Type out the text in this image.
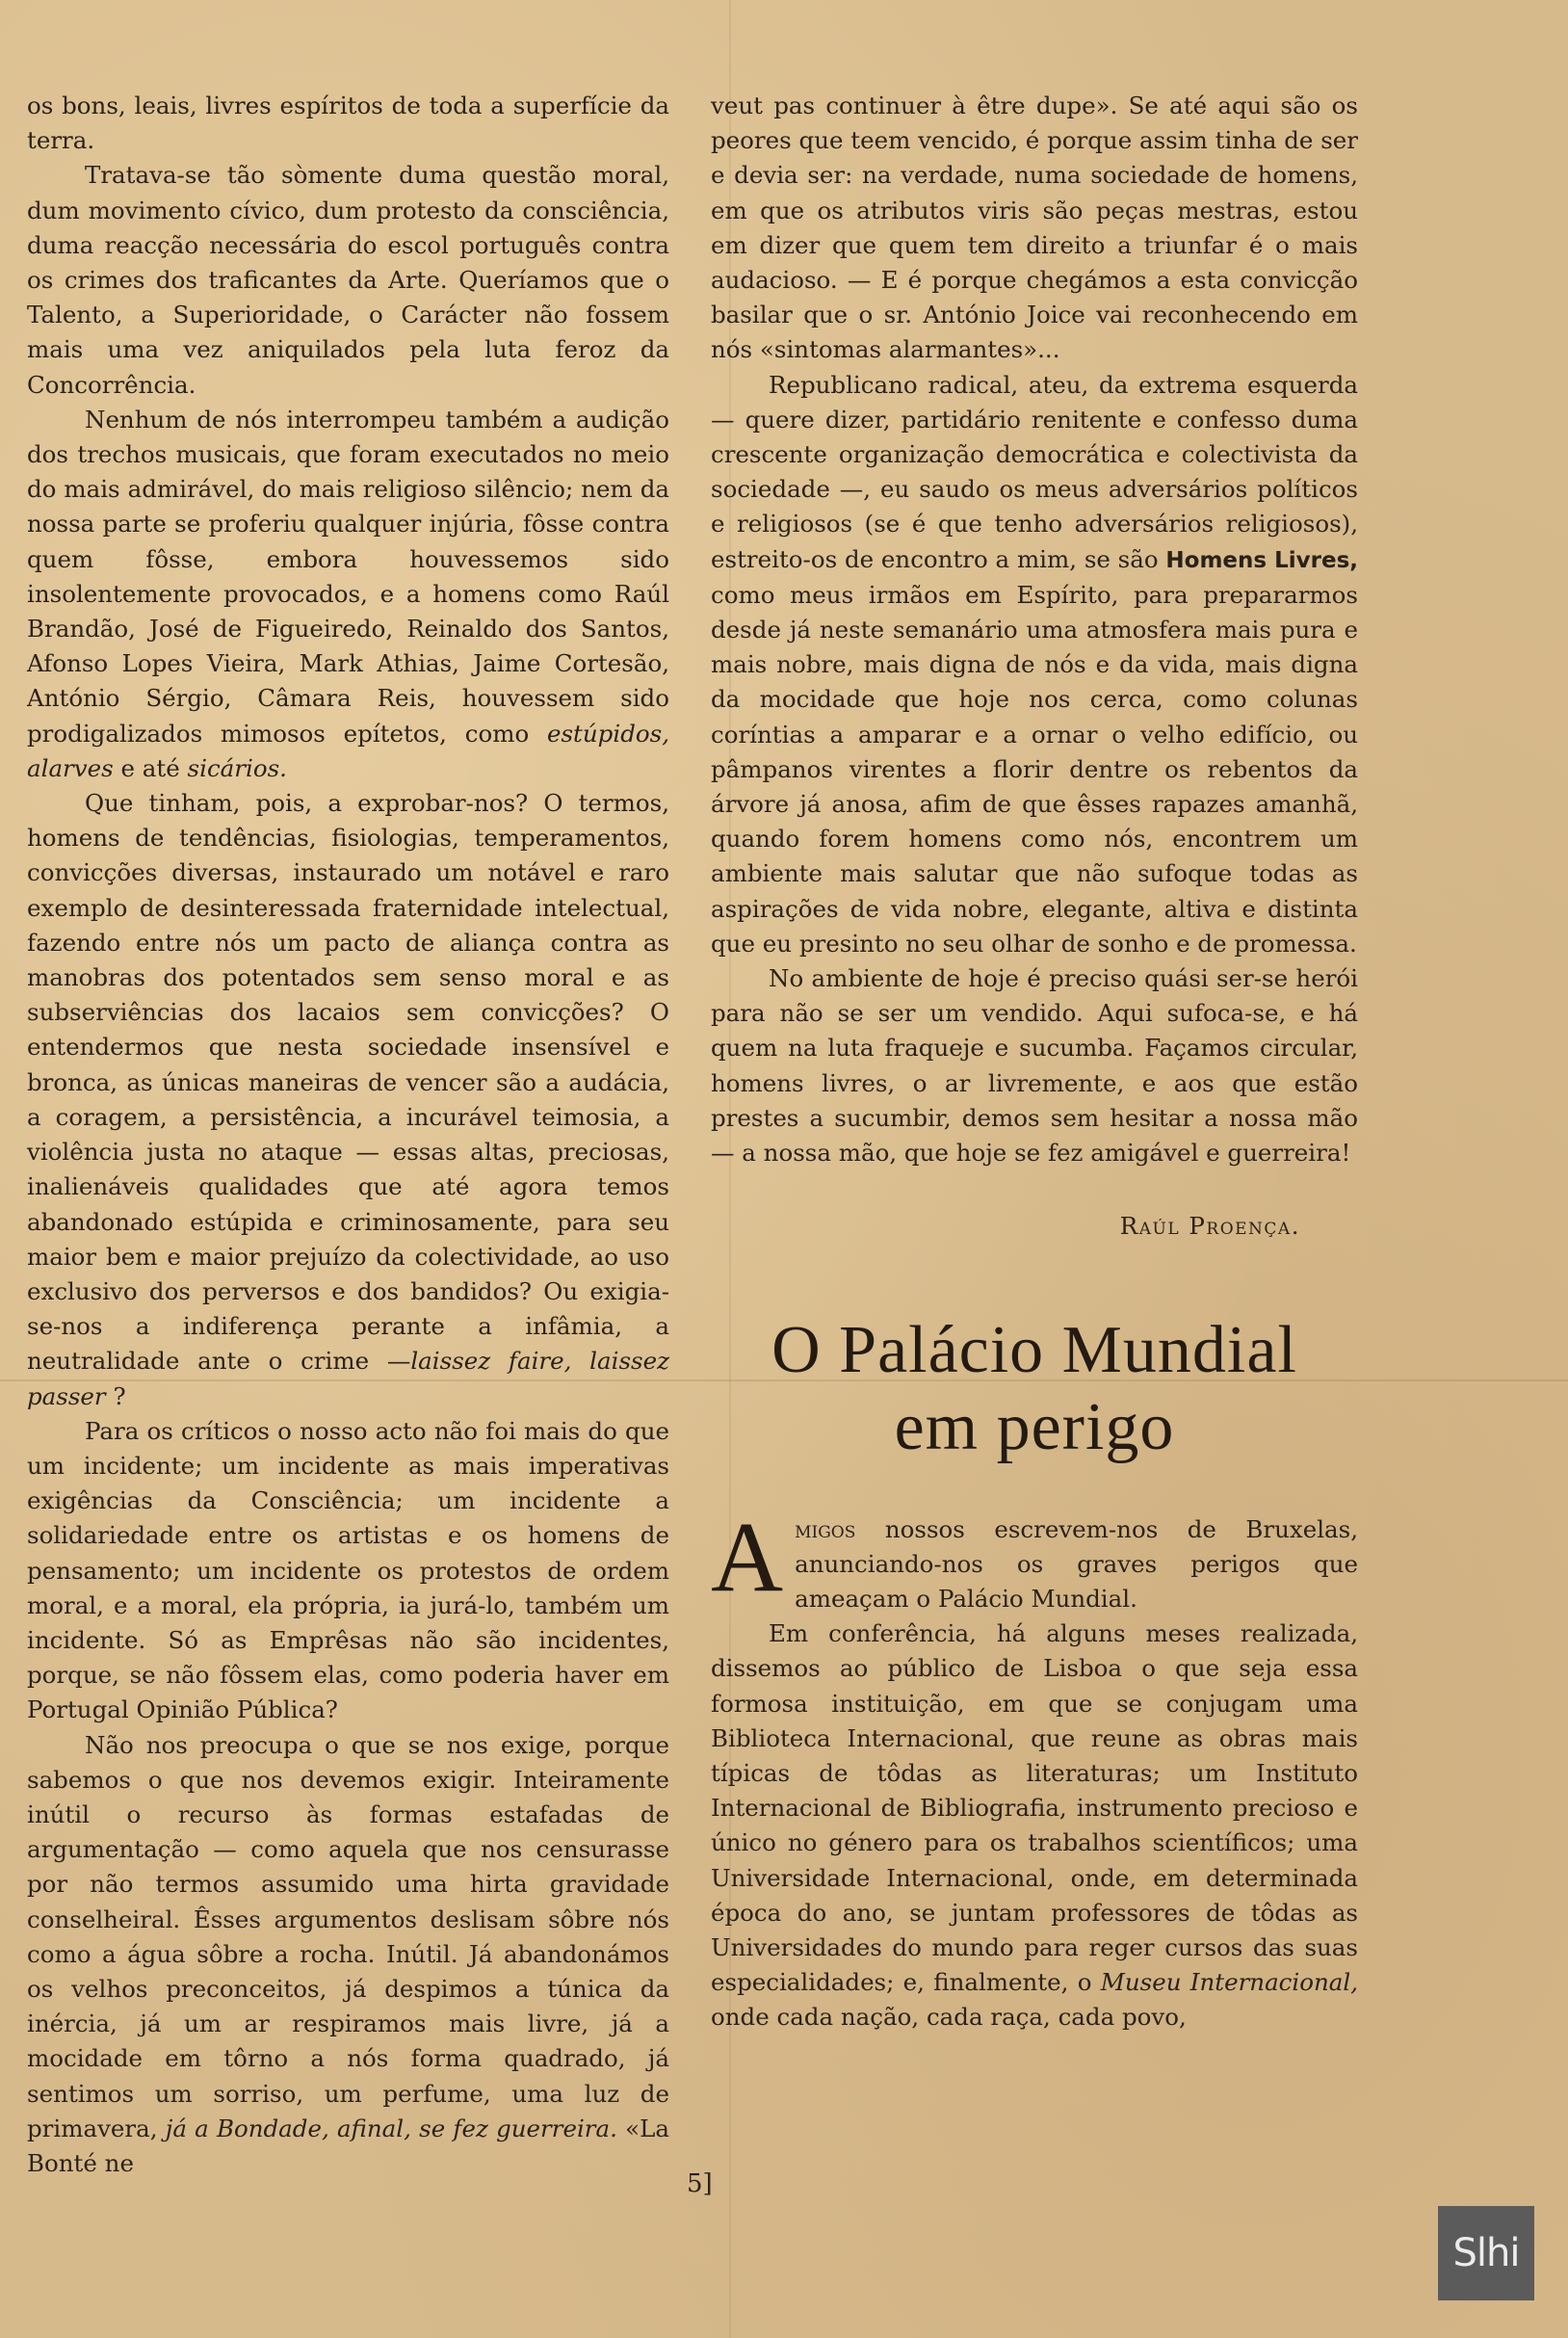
os bons, leais, livres espíritos de toda a superfície da terra.

Tratava-se tão sòmente duma questão moral, dum movimento cívico, dum protesto da consciência, duma reacção necessária do escol português contra os crimes dos traficantes da Arte. Queríamos que o Talento, a Superioridade, o Carácter não fossem mais uma vez aniquilados pela luta feroz da Concorrência.

Nenhum de nós interrompeu também a audição dos trechos musicais, que foram executados no meio do mais admirável, do mais religioso silêncio; nem da nossa parte se proferiu qualquer injúria, fôsse contra quem fôsse, embora houvessemos sido insolentemente provocados, e a homens como Raúl Brandão, José de Figueiredo, Reinaldo dos Santos, Afonso Lopes Vieira, Mark Athias, Jaime Cortesão, António Sérgio, Câmara Reis, houvessem sido prodigalizados mimosos epítetos, como estúpidos, alarves e até sicários.

Que tinham, pois, a exprobar-nos? O termos, homens de tendências, fisiologias, temperamentos, convicções diversas, instaurado um notável e raro exemplo de desinteressada fraternidade intelectual, fazendo entre nós um pacto de aliança contra as manobras dos potentados sem senso moral e as subserviências dos lacaios sem convicções? O entendermos que nesta sociedade insensível e bronca, as únicas maneiras de vencer são a audácia, a coragem, a persistência, a incurável teimosia, a violência justa no ataque — essas altas, preciosas, inalienáveis qualidades que até agora temos abandonado estúpida e criminosamente, para seu maior bem e maior prejuízo da colectividade, ao uso exclusivo dos perversos e dos bandidos? Ou exigia-se-nos a indiferença perante a infâmia, a neutralidade ante o crime —laissez faire, laissez passer ?

Para os críticos o nosso acto não foi mais do que um incidente; um incidente as mais imperativas exigências da Consciência; um incidente a solidariedade entre os artistas e os homens de pensamento; um incidente os protestos de ordem moral, e a moral, ela própria, ia jurá-lo, também um incidente. Só as Emprêsas não são incidentes, porque, se não fôssem elas, como poderia haver em Portugal Opinião Pública?

Não nos preocupa o que se nos exige, porque sabemos o que nos devemos exigir. Inteiramente inútil o recurso às formas estafadas de argumentação — como aquela que nos censurasse por não termos assumido uma hirta gravidade conselheiral. Êsses argumentos deslisam sôbre nós como a água sôbre a rocha. Inútil. Já abandonámos os velhos preconceitos, já despimos a túnica da inércia, já um ar respiramos mais livre, já a mocidade em tôrno a nós forma quadrado, já sentimos um sorriso, um perfume, uma luz de primavera, já a Bondade, afinal, se fez guerreira. «La Bonté ne

veut pas continuer à être dupe». Se até aqui são os peores que teem vencido, é porque assim tinha de ser e devia ser: na verdade, numa sociedade de homens, em que os atributos viris são peças mestras, estou em dizer que quem tem direito a triunfar é o mais audacioso. — E é porque chegámos a esta convicção basilar que o sr. António Joice vai reconhecendo em nós «sintomas alarmantes»...

Republicano radical, ateu, da extrema esquerda — quere dizer, partidário renitente e confesso duma crescente organização democrática e colectivista da sociedade —, eu saudo os meus adversários políticos e religiosos (se é que tenho adversários religiosos), estreito-os de encontro a mim, se são Homens Livres, como meus irmãos em Espírito, para prepararmos desde já neste semanário uma atmosfera mais pura e mais nobre, mais digna de nós e da vida, mais digna da mocidade que hoje nos cerca, como colunas coríntias a amparar e a ornar o velho edifício, ou pâmpanos virentes a florir dentre os rebentos da árvore já anosa, afim de que êsses rapazes amanhã, quando forem homens como nós, encontrem um ambiente mais salutar que não sufoque todas as aspirações de vida nobre, elegante, altiva e distinta que eu presinto no seu olhar de sonho e de promessa.

No ambiente de hoje é preciso quási ser-se herói para não se ser um vendido. Aqui sufoca-se, e há quem na luta fraqueje e sucumba. Façamos circular, homens livres, o ar livremente, e aos que estão prestes a sucumbir, demos sem hesitar a nossa mão — a nossa mão, que hoje se fez amigável e guerreira!

Raúl Proença.

O Palácio Mundial
em perigo

Amigos nossos escrevem-nos de Bruxelas, anunciando-nos os graves perigos que ameaçam o Palácio Mundial.

Em conferência, há alguns meses realizada, dissemos ao público de Lisboa o que seja essa formosa instituição, em que se conjugam uma Biblioteca Internacional, que reune as obras mais típicas de tôdas as literaturas; um Instituto Internacional de Bibliografia, instrumento precioso e único no género para os trabalhos scientíficos; uma Universidade Internacional, onde, em determinada época do ano, se juntam professores de tôdas as Universidades do mundo para reger cursos das suas especialidades; e, finalmente, o Museu Internacional, onde cada nação, cada raça, cada povo,

5]
Slhi
